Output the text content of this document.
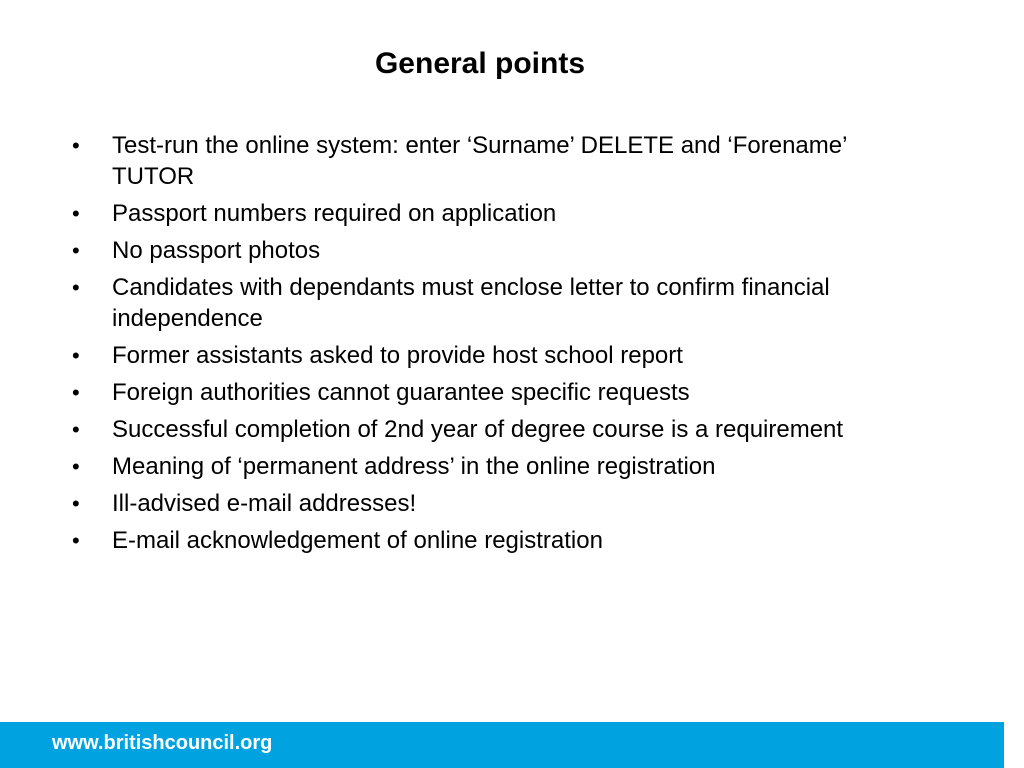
General points
•	Test-run the online system: enter ‘Surname’ DELETE and ‘Forename’ TUTOR
•	Passport numbers required on application
•	No passport photos
•	Candidates with dependants must enclose letter to confirm financial independence
•	Former assistants asked to provide host school report
•	Foreign authorities cannot guarantee specific requests
•	Successful completion of 2nd year of degree course is a requirement
•	Meaning of ‘permanent address’ in the online registration
•	Ill-advised e-mail addresses!
•	E-mail acknowledgement of online registration
www.britishcouncil.org
